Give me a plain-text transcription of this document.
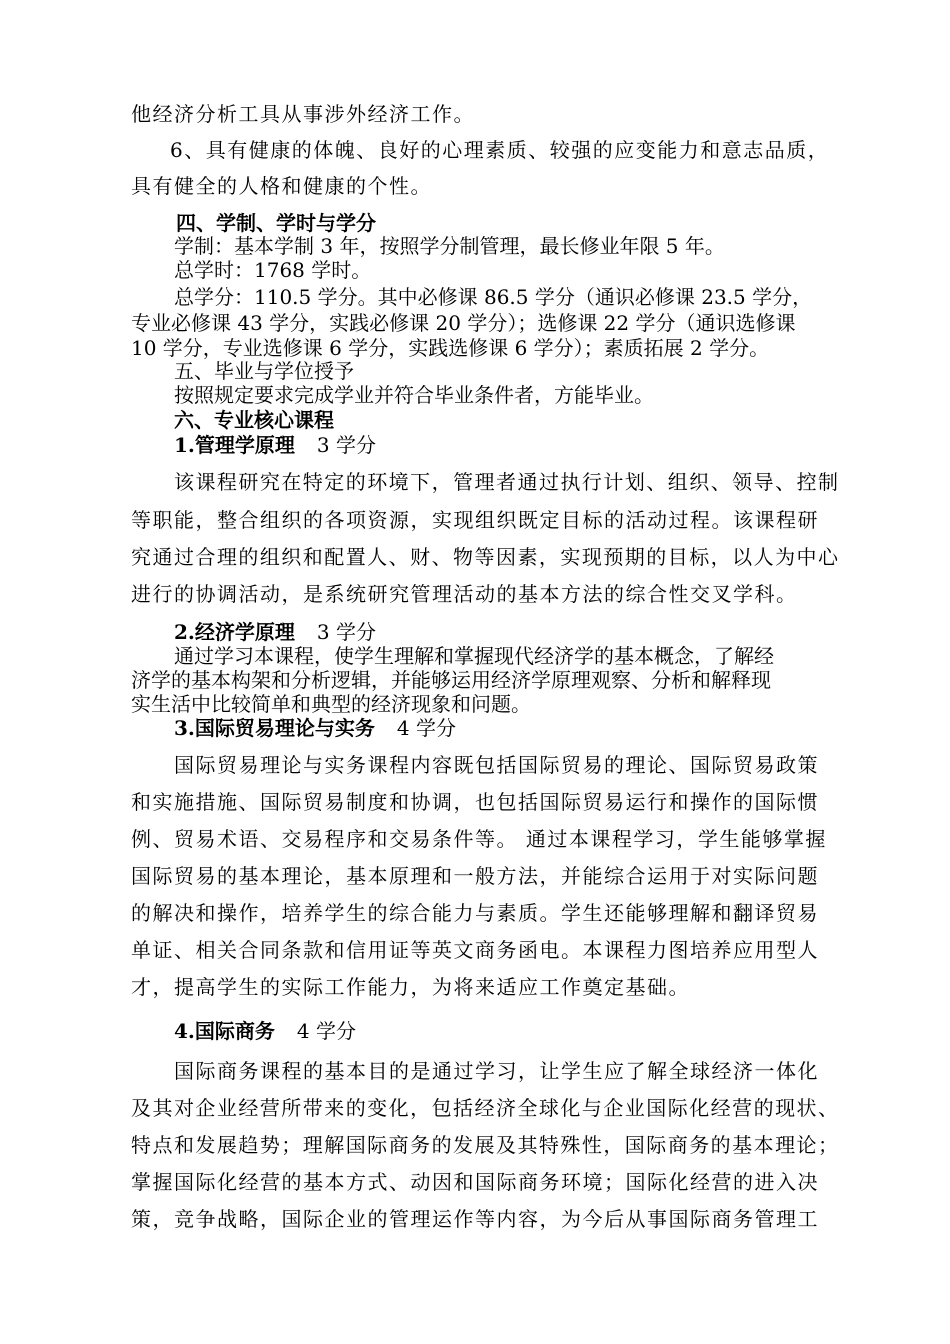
他经济分析工具从事涉外经济工作。
6、具有健康的体魄、良好的心理素质、较强的应变能力和意志品质，
具有健全的人格和健康的个性。
四、学制、学时与学分
学制：基本学制 3 年，按照学分制管理，最长修业年限 5 年。
总学时：1768 学时。
总学分：110.5 学分。其中必修课 86.5 学分（通识必修课 23.5 学分，
专业必修课 43 学分，实践必修课 20 学分）；选修课 22 学分（通识选修课
10 学分，专业选修课 6 学分，实践选修课 6 学分）；素质拓展 2 学分。
五、毕业与学位授予
按照规定要求完成学业并符合毕业条件者，方能毕业。
六、专业核心课程
1.管理学原理 3 学分
该课程研究在特定的环境下，管理者通过执行计划、组织、领导、控制
等职能，整合组织的各项资源，实现组织既定目标的活动过程。该课程研
究通过合理的组织和配置人、财、物等因素，实现预期的目标，以人为中心
进行的协调活动，是系统研究管理活动的基本方法的综合性交叉学科。
2.经济学原理 3 学分
通过学习本课程，使学生理解和掌握现代经济学的基本概念，了解经
济学的基本构架和分析逻辑，并能够运用经济学原理观察、分析和解释现
实生活中比较简单和典型的经济现象和问题。
3.国际贸易理论与实务 4 学分
国际贸易理论与实务课程内容既包括国际贸易的理论、国际贸易政策
和实施措施、国际贸易制度和协调，也包括国际贸易运行和操作的国际惯
例、贸易术语、交易程序和交易条件等。 通过本课程学习，学生能够掌握
国际贸易的基本理论，基本原理和一般方法，并能综合运用于对实际问题
的解决和操作，培养学生的综合能力与素质。学生还能够理解和翻译贸易
单证、相关合同条款和信用证等英文商务函电。本课程力图培养应用型人
才，提高学生的实际工作能力，为将来适应工作奠定基础。
4.国际商务 4 学分
国际商务课程的基本目的是通过学习，让学生应了解全球经济一体化
及其对企业经营所带来的变化，包括经济全球化与企业国际化经营的现状、
特点和发展趋势；理解国际商务的发展及其特殊性，国际商务的基本理论；
掌握国际化经营的基本方式、动因和国际商务环境；国际化经营的进入决
策，竞争战略，国际企业的管理运作等内容，为今后从事国际商务管理工
